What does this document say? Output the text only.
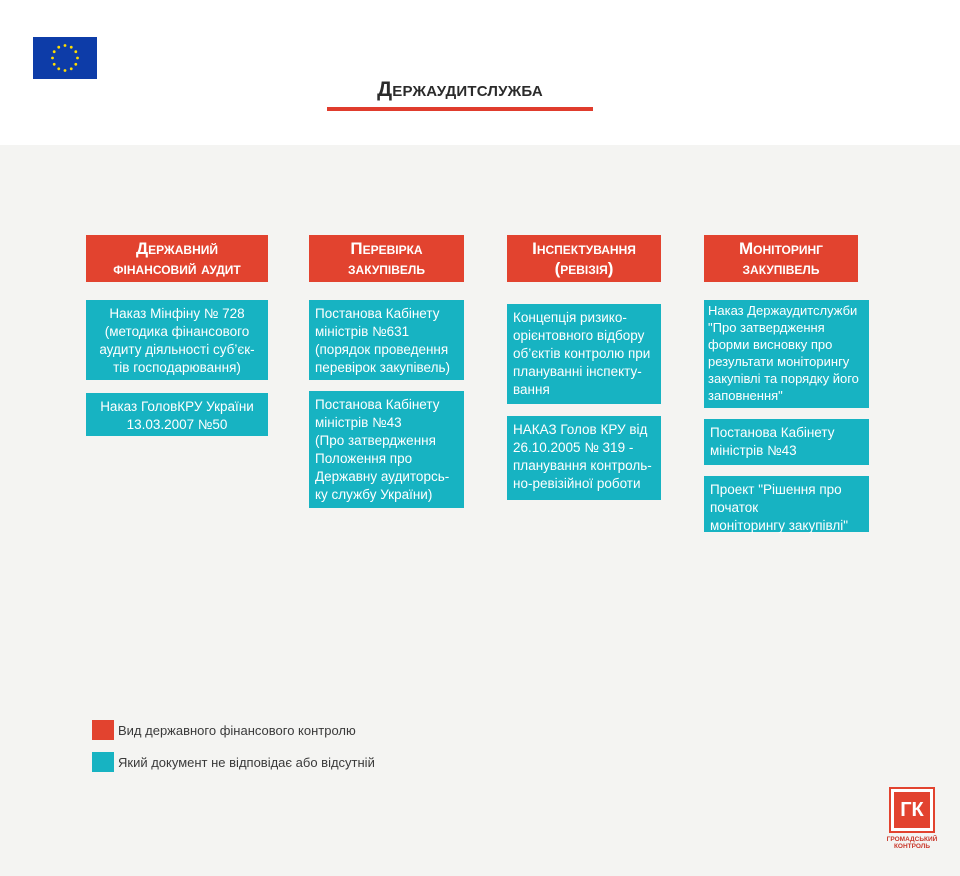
Держаудитслужба
Державний
фінансовий аудит
Наказ Мінфіну № 728
(методика фінансового
аудиту діяльності суб’єк-
тів господарювання)
Наказ ГоловКРУ України
13.03.2007 №50
Перевірка
закупівель
Постанова Кабінету
міністрів №631
(порядок проведення
перевірок закупівель)
Постанова Кабінету
міністрів №43
(Про затвердження
Положення про
Державну аудиторсь-
ку службу України)
Інспектування
(ревізія)
Концепція ризико-
орієнтовного відбору
об’єктів контролю при
плануванні інспекту-
вання
НАКАЗ Голов КРУ від
26.10.2005 № 319 -
планування контроль-
но-ревізійної роботи
Моніторинг
закупівель
Наказ Держаудитслужби
"Про затвердження
форми висновку про
результати моніторингу
закупівлі та порядку його
заповнення"
Постанова Кабінету
міністрів №43
Проект "Рішення про
початок
моніторингу закупівлі"
Вид державного фінансового контролю
Який документ не відповідає або відсутній
ГК
ГРОМАДСЬКИЙ КОНТРОЛЬ
